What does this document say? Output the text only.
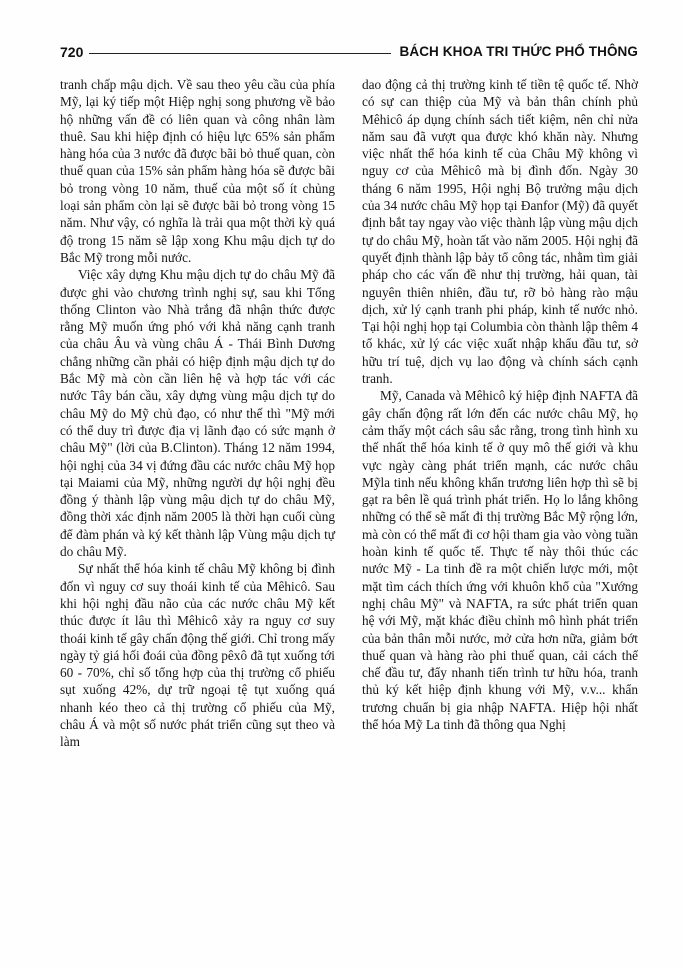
720	BÁCH KHOA TRI THỨC PHỔ THÔNG

tranh chấp mậu dịch. Về sau theo yêu cầu của phía Mỹ, lại ký tiếp một Hiệp nghị song phương về bảo hộ những vấn đề có liên quan và công nhân làm thuê. Sau khi hiệp định có hiệu lực 65% sản phẩm hàng hóa của 3 nước đã được bãi bỏ thuế quan, còn thuế quan của 15% sản phẩm hàng hóa sẽ được bãi bỏ trong vòng 10 năm, thuế của một số ít chủng loại sản phẩm còn lại sẽ được bãi bỏ trong vòng 15 năm. Như vậy, có nghĩa là trải qua một thời kỳ quá độ trong 15 năm sẽ lập xong Khu mậu dịch tự do Bắc Mỹ trong mỗi nước.

Việc xây dựng Khu mậu dịch tự do châu Mỹ đã được ghi vào chương trình nghị sự, sau khi Tổng thống Clinton vào Nhà trắng đã nhận thức được rằng Mỹ muốn ứng phó với khả năng cạnh tranh của châu Âu và vùng châu Á - Thái Bình Dương chẳng những cần phải có hiệp định mậu dịch tự do Bắc Mỹ mà còn cần liên hệ và hợp tác với các nước Tây bán cầu, xây dựng vùng mậu dịch tự do châu Mỹ do Mỹ chủ đạo, có như thế thì "Mỹ mới có thể duy trì được địa vị lãnh đạo có sức mạnh ở châu Mỹ" (lời của B.Clinton). Tháng 12 năm 1994, hội nghị của 34 vị đứng đầu các nước châu Mỹ họp tại Maiami của Mỹ, những người dự hội nghị đều đồng ý thành lập vùng mậu dịch tự do châu Mỹ, đồng thời xác định năm 2005 là thời hạn cuối cùng để đàm phán và ký kết thành lập Vùng mậu dịch tự do châu Mỹ.

Sự nhất thể hóa kinh tế châu Mỹ không bị đình đốn vì nguy cơ suy thoái kinh tế của Mêhicô. Sau khi hội nghị đầu não của các nước châu Mỹ kết thúc được ít lâu thì Mêhicô xảy ra nguy cơ suy thoái kinh tế gây chấn động thế giới. Chỉ trong mấy ngày tỷ giá hối đoái của đồng pêxô đã tụt xuống tới 60 - 70%, chỉ số tổng hợp của thị trường cổ phiếu sụt xuống 42%, dự trữ ngoại tệ tụt xuống quá nhanh kéo theo cả thị trường cổ phiếu của Mỹ, châu Á và một số nước phát triển cũng sụt theo và làm

dao động cả thị trường kinh tế tiền tệ quốc tế. Nhờ có sự can thiệp của Mỹ và bản thân chính phủ Mêhicô áp dụng chính sách tiết kiệm, nên chỉ nửa năm sau đã vượt qua được khó khăn này. Nhưng việc nhất thể hóa kinh tế của Châu Mỹ không vì nguy cơ của Mêhicô mà bị đình đốn. Ngày 30 tháng 6 năm 1995, Hội nghị Bộ trưởng mậu dịch của 34 nước châu Mỹ họp tại Đanfor (Mỹ) đã quyết định bắt tay ngay vào việc thành lập vùng mậu dịch tự do châu Mỹ, hoàn tất vào năm 2005. Hội nghị đã quyết định thành lập bảy tổ công tác, nhằm tìm giải pháp cho các vấn đề như thị trường, hải quan, tài nguyên thiên nhiên, đầu tư, rỡ bỏ hàng rào mậu dịch, xử lý cạnh tranh phi pháp, kinh tế nước nhỏ. Tại hội nghị họp tại Columbia còn thành lập thêm 4 tổ khác, xử lý các việc xuất nhập khẩu đầu tư, sở hữu trí tuệ, dịch vụ lao động và chính sách cạnh tranh.

Mỹ, Canada và Mêhicô ký hiệp định NAFTA đã gây chấn động rất lớn đến các nước châu Mỹ, họ cảm thấy một cách sâu sắc rằng, trong tình hình xu thế nhất thể hóa kinh tế ở quy mô thế giới và khu vực ngày càng phát triển mạnh, các nước châu Mỹla tinh nếu không khẩn trương liên hợp thì sẽ bị gạt ra bên lề quá trình phát triển. Họ lo lắng không những có thể sẽ mất đi thị trường Bắc Mỹ rộng lớn, mà còn có thể mất đi cơ hội tham gia vào vòng tuần hoàn kinh tế quốc tế. Thực tế này thôi thúc các nước Mỹ - La tinh đề ra một chiến lược mới, một mặt tìm cách thích ứng với khuôn khổ của "Xướng nghị châu Mỹ" và NAFTA, ra sức phát triển quan hệ với Mỹ, mặt khác điều chỉnh mô hình phát triển của bản thân mỗi nước, mở cửa hơn nữa, giảm bớt thuế quan và hàng rào phi thuế quan, cải cách thể chế đầu tư, đẩy nhanh tiến trình tư hữu hóa, tranh thủ ký kết hiệp định khung với Mỹ, v.v... khẩn trương chuẩn bị gia nhập NAFTA. Hiệp hội nhất thể hóa Mỹ La tinh đã thông qua Nghị
